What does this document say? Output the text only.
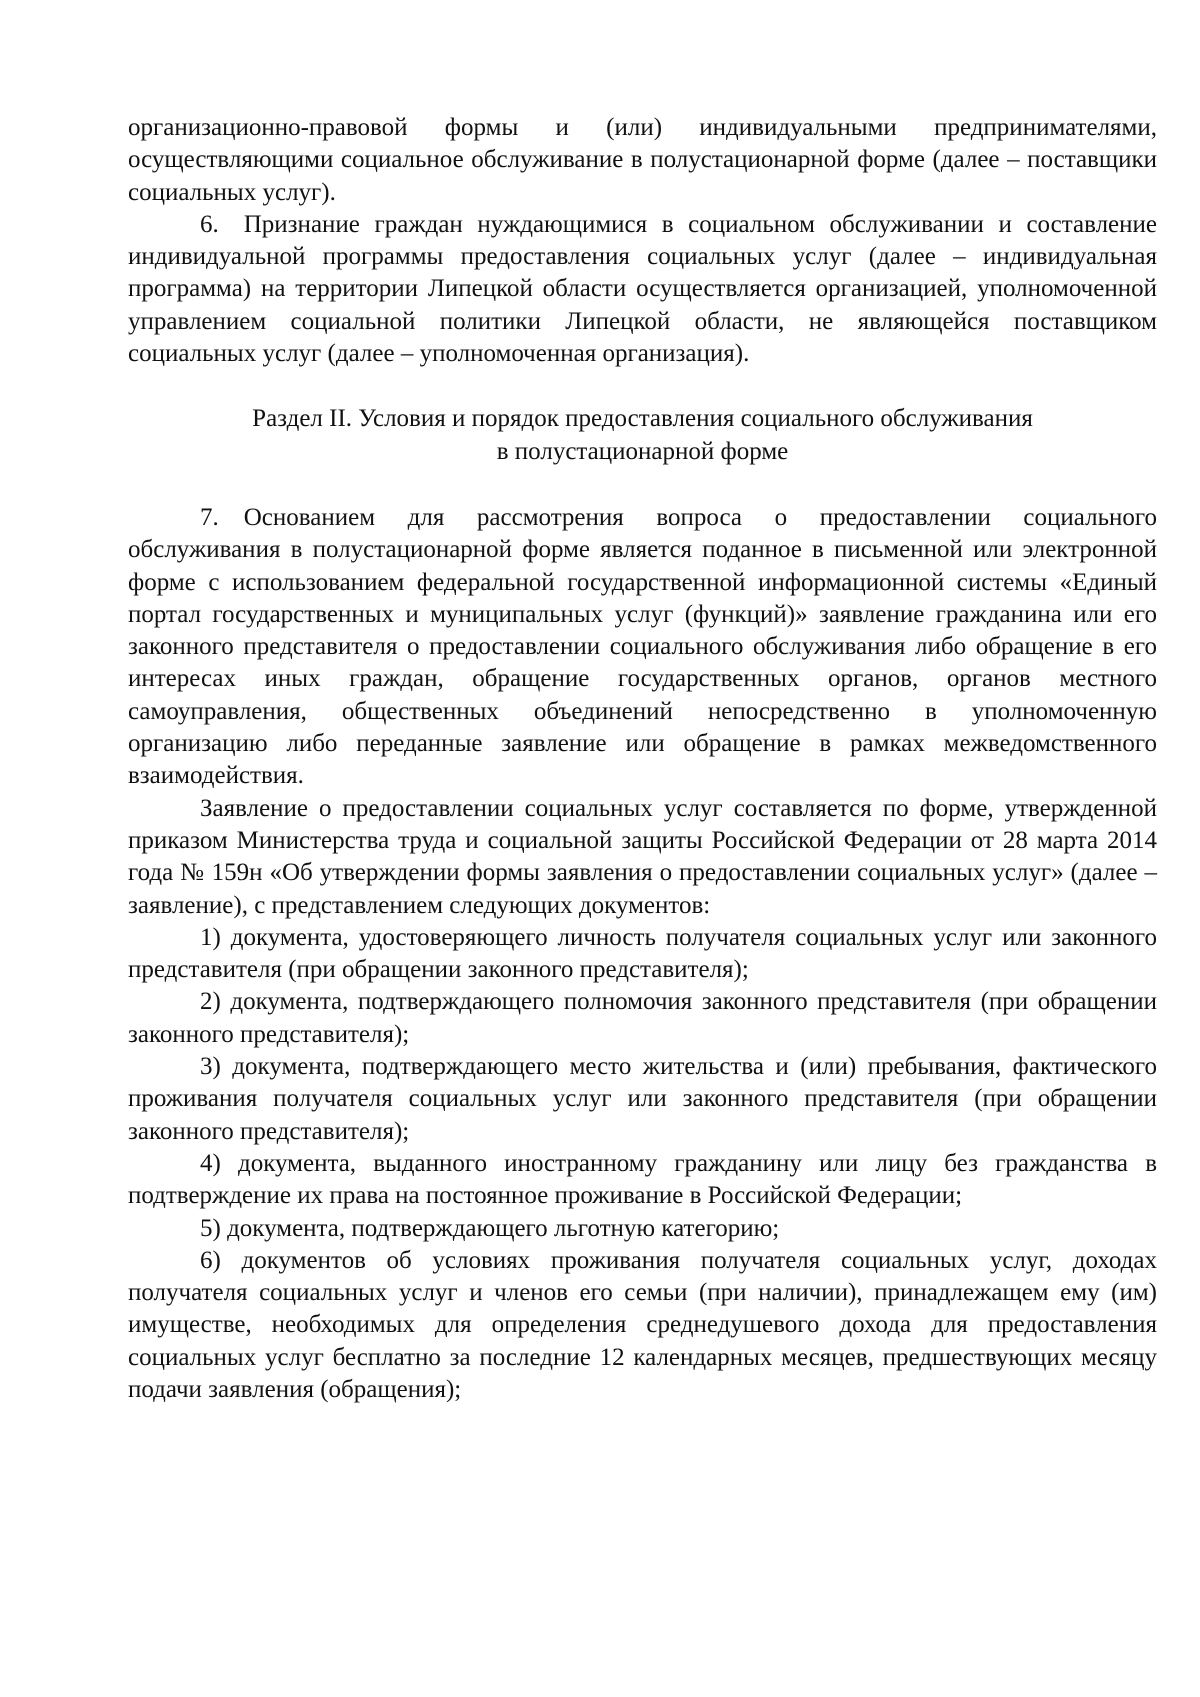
организационно-правовой формы и (или) индивидуальными предпринимателями, осуществляющими социальное обслуживание в полустационарной форме (далее – поставщики социальных услуг).

6. Признание граждан нуждающимися в социальном обслуживании и составление индивидуальной программы предоставления социальных услуг (далее – индивидуальная программа) на территории Липецкой области осуществляется организацией, уполномоченной управлением социальной политики Липецкой области, не являющейся поставщиком социальных услуг (далее – уполномоченная организация).

Раздел II. Условия и порядок предоставления социального обслуживания
в полустационарной форме

7. Основанием для рассмотрения вопроса о предоставлении социального обслуживания в полустационарной форме является поданное в письменной или электронной форме с использованием федеральной государственной информационной системы «Единый портал государственных и муниципальных услуг (функций)» заявление гражданина или его законного представителя о предоставлении социального обслуживания либо обращение в его интересах иных граждан, обращение государственных органов, органов местного самоуправления, общественных объединений непосредственно в уполномоченную организацию либо переданные заявление или обращение в рамках межведомственного взаимодействия.

Заявление о предоставлении социальных услуг составляется по форме, утвержденной приказом Министерства труда и социальной защиты Российской Федерации от 28 марта 2014 года № 159н «Об утверждении формы заявления о предоставлении социальных услуг» (далее – заявление), с представлением следующих документов:

1) документа, удостоверяющего личность получателя социальных услуг или законного представителя (при обращении законного представителя);

2) документа, подтверждающего полномочия законного представителя (при обращении законного представителя);

3) документа, подтверждающего место жительства и (или) пребывания, фактического проживания получателя социальных услуг или законного представителя (при обращении законного представителя);

4) документа, выданного иностранному гражданину или лицу без гражданства в подтверждение их права на постоянное проживание в Российской Федерации;

5) документа, подтверждающего льготную категорию;

6) документов об условиях проживания получателя социальных услуг, доходах получателя социальных услуг и членов его семьи (при наличии), принадлежащем ему (им) имуществе, необходимых для определения среднедушевого дохода для предоставления социальных услуг бесплатно за последние 12 календарных месяцев, предшествующих месяцу подачи заявления (обращения);
